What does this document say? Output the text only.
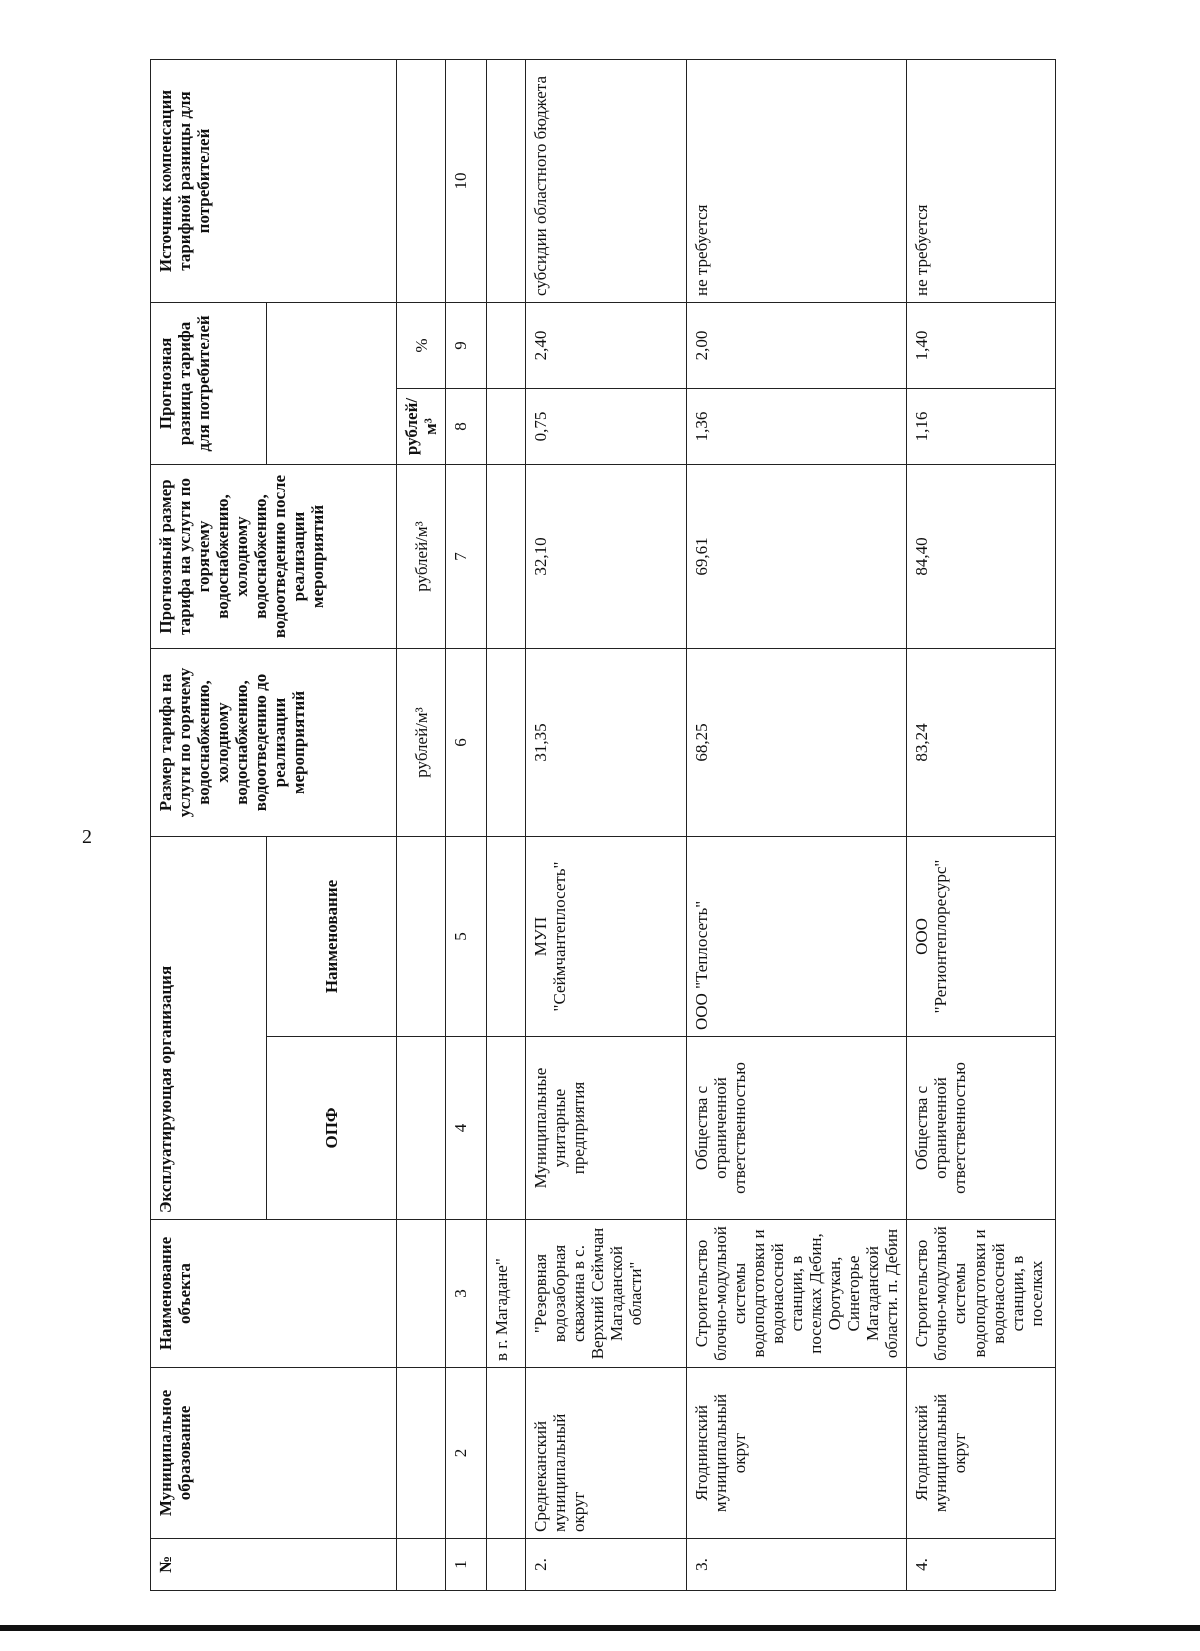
2
№	Муниципальное образование	Наименование объекта	Эксплуатирующая организация		Размер тарифа на услуги по горячему водоснабжению, холодному водоснабжению, водоотведению до реализации мероприятий	Прогнозный размер тарифа на услуги по горячему водоснабжению, холодному водоснабжению, водоотведению после реализации мероприятий	Прогнозная разница тарифа для потребителей		Источник компенсации тарифной разницы для потребителей
			ОПФ	Наименование					
					рублей/м³	рублей/м³	рублей/ м³	%	
1	2	3	4	5	6	7	8	9	10
		в г. Магадане"							
2.	Среднеканский муниципальный округ	"Резервная водозаборная скважина в с. Верхний Сеймчан Магаданской области"	Муниципальные унитарные предприятия	МУП "Сеймчантеплосеть"	31,35	32,10	0,75	2,40	субсидии областного бюджета
3.	Ягоднинский муниципальный округ	Строительство блочно-модульной системы водоподготовки и водонасосной станции, в поселках Дебин, Оротукан, Синегорье Магаданской области. п. Дебин	Общества с ограниченной ответственностью	ООО "Теплосеть"	68,25	69,61	1,36	2,00	не требуется
4.	Ягоднинский муниципальный округ	Строительство блочно-модульной системы водоподготовки и водонасосной станции, в поселках	Общества с ограниченной ответственностью	ООО "Регионтеплоресурс"	83,24	84,40	1,16	1,40	не требуется
